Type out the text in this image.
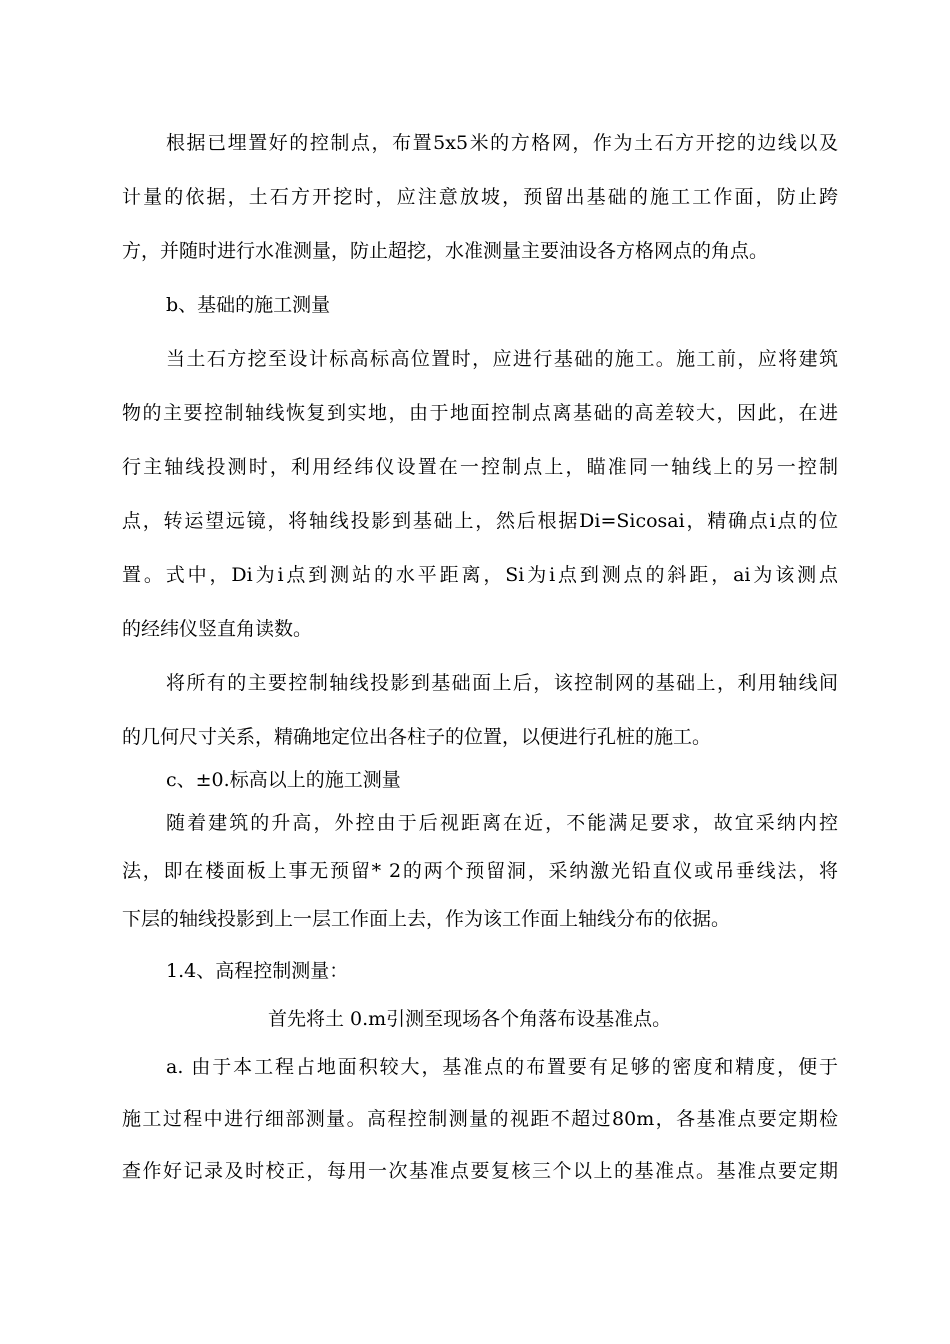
根据已埋置好的控制点，布置5x5米的方格网，作为土石方开挖的边线以及
计量的依据，土石方开挖时，应注意放坡，预留出基础的施工工作面，防止跨
方，并随时进行水准测量，防止超挖，水准测量主要油设各方格网点的角点。
b、基础的施工测量
当土石方挖至设计标高标高位置时，应进行基础的施工。施工前，应将建筑
物的主要控制轴线恢复到实地，由于地面控制点离基础的高差较大，因此，在进
行主轴线投测时，利用经纬仪设置在一控制点上，瞄准同一轴线上的另一控制
点，转运望远镜，将轴线投影到基础上，然后根据Di=Sicosai，精确点i点的位
置。式中，Di为i点到测站的水平距离，Si为i点到测点的斜距，ai为该测点
的经纬仪竖直角读数。
将所有的主要控制轴线投影到基础面上后，该控制网的基础上，利用轴线间
的几何尺寸关系，精确地定位出各柱子的位置，以便进行孔桩的施工。
c、±0.标高以上的施工测量
随着建筑的升高，外控由于后视距离在近，不能满足要求，故宜采纳内控
法，即在楼面板上事无预留* 2的两个预留洞，采纳激光铅直仪或吊垂线法，将
下层的轴线投影到上一层工作面上去，作为该工作面上轴线分布的依据。
1.4、高程控制测量：
首先将土 0.m引测至现场各个角落布设基准点。
a. 由于本工程占地面积较大，基准点的布置要有足够的密度和精度，便于
施工过程中进行细部测量。高程控制测量的视距不超过80m，各基准点要定期检
查作好记录及时校正，每用一次基准点要复核三个以上的基准点。基准点要定期
